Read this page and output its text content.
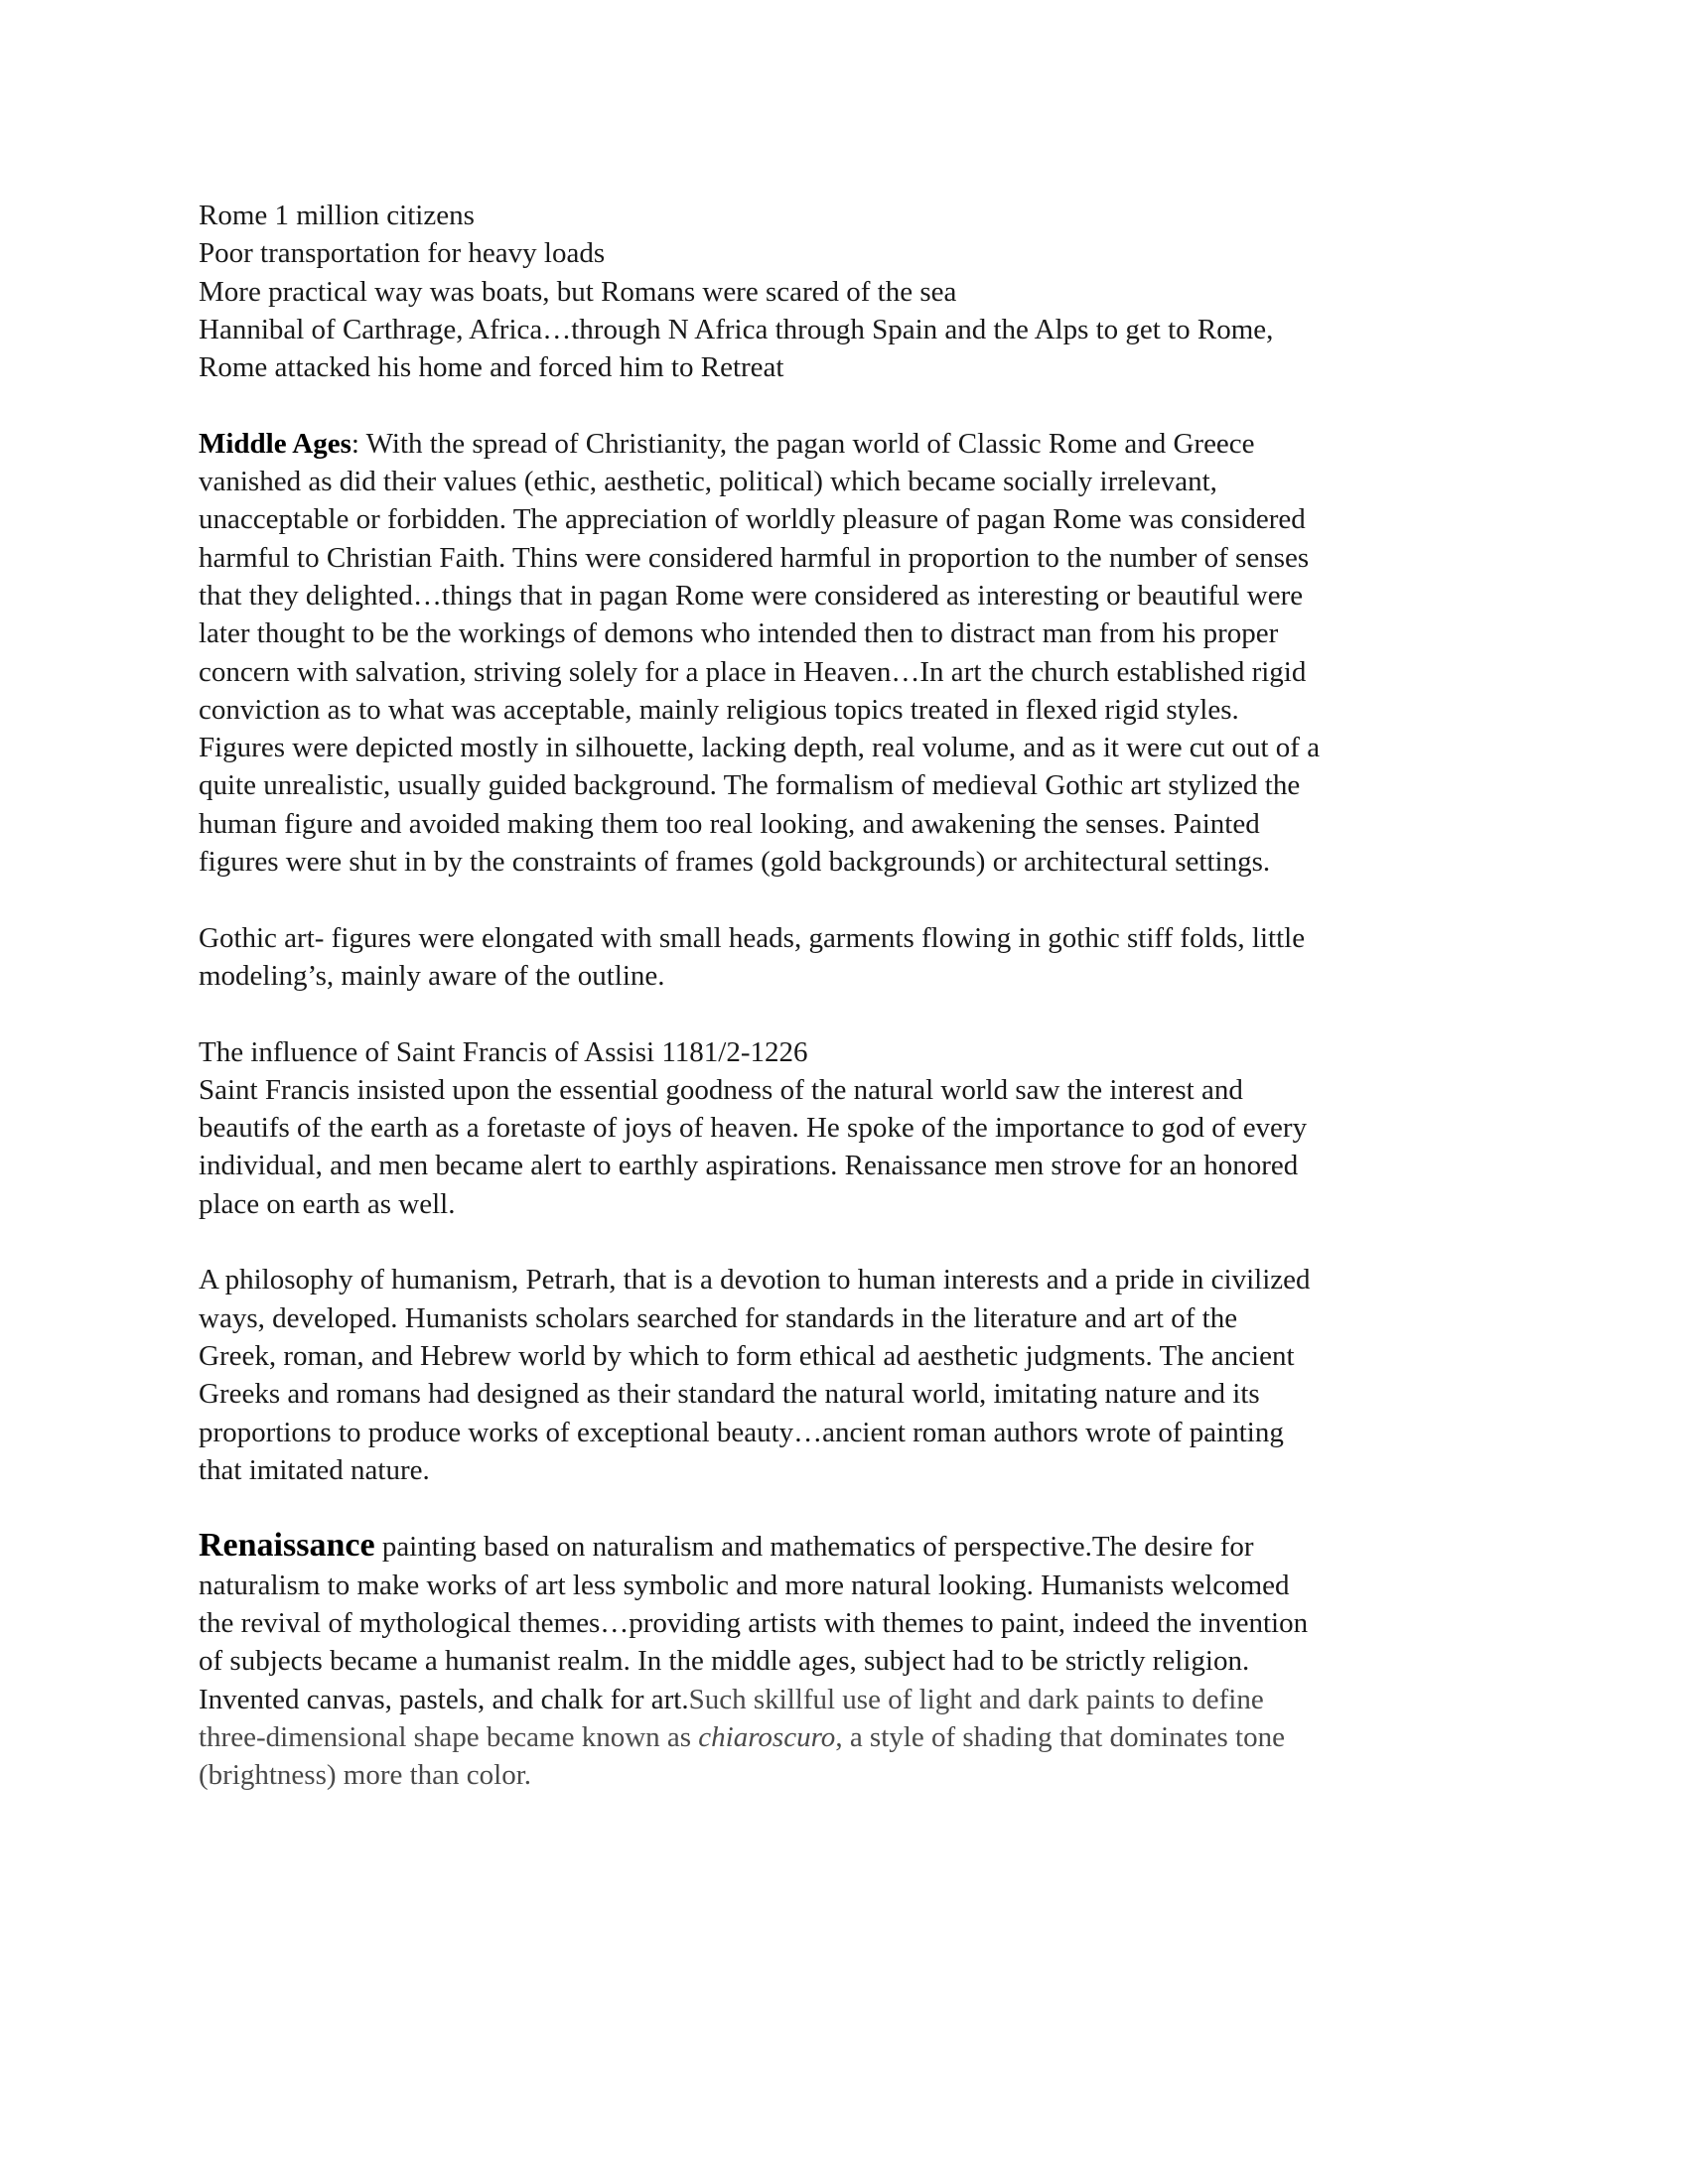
Rome 1 million citizens
Poor transportation for heavy loads
More practical way was boats, but Romans were scared of the sea
Hannibal of Carthrage, Africa…through N Africa through Spain and the Alps to get to Rome,
Rome attacked his home and forced him to Retreat
Middle Ages: With the spread of Christianity, the pagan world of Classic Rome and Greece
vanished as did their values (ethic, aesthetic, political) which became socially irrelevant,
unacceptable or forbidden. The appreciation of worldly pleasure of pagan Rome was considered
harmful to Christian Faith. Thins were considered harmful in proportion to the number of senses
that they delighted…things that in pagan Rome were considered as interesting or beautiful were
later thought to be the workings of demons who intended then to distract man from his proper
concern with salvation, striving solely for a place in Heaven…In art the church established rigid
conviction as to what was acceptable, mainly religious topics treated in flexed rigid styles.
Figures were depicted mostly in silhouette, lacking depth, real volume, and as it were cut out of a
quite unrealistic, usually guided background. The formalism of medieval Gothic art stylized the
human figure and avoided making them too real looking, and awakening the senses. Painted
figures were shut in by the constraints of frames (gold backgrounds) or architectural settings.
Gothic art- figures were elongated with small heads, garments flowing in gothic stiff folds, little
modeling’s, mainly aware of the outline.
The influence of Saint Francis of Assisi 1181/2-1226
Saint Francis insisted upon the essential goodness of the natural world saw the interest and
beautifs of the earth as a foretaste of joys of heaven. He spoke of the importance to god of every
individual, and men became alert to earthly aspirations. Renaissance men strove for an honored
place on earth as well.
A philosophy of humanism, Petrarh, that is a devotion to human interests and a pride in civilized
ways, developed. Humanists scholars searched for standards in the literature and art of the
Greek, roman, and Hebrew world by which to form ethical ad aesthetic judgments. The ancient
Greeks and romans had designed as their standard the natural world, imitating nature and its
proportions to produce works of exceptional beauty…ancient roman authors wrote of painting
that imitated nature.
Renaissance painting based on naturalism and mathematics of perspective.The desire for
naturalism to make works of art less symbolic and more natural looking. Humanists welcomed
the revival of mythological themes…providing artists with themes to paint, indeed the invention
of subjects became a humanist realm. In the middle ages, subject had to be strictly religion.
Invented canvas, pastels, and chalk for art.Such skillful use of light and dark paints to define
three-dimensional shape became known as chiaroscuro, a style of shading that dominates tone
(brightness) more than color.
